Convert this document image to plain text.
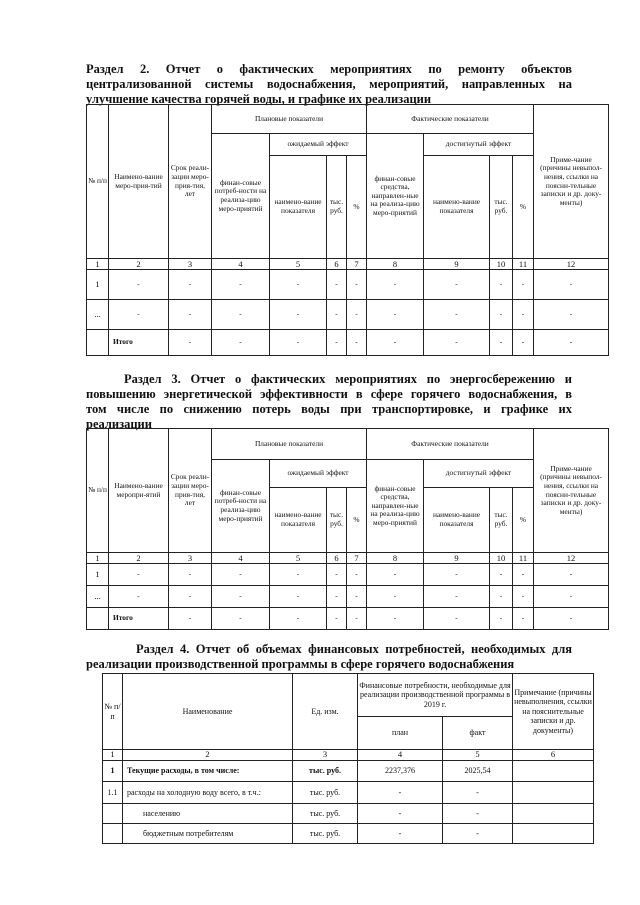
Раздел 2. Отчет о фактических мероприятиях по ремонту объектов
централизованной системы водоснабжения, мероприятий, направленных на
улучшение качества горячей воды, и графике их реализации
№ п/п	Наимено-вание меро-прия-тий	Срок реали-зации меро-прия-тия, лет	Плановые показатели				Фактические показатели				Приме-чание (причины невыпол-нения, ссылки на поясни-тельные записки и др. доку-менты)
			финан-совые потреб-ности на реализа-цию меро-приятий	ожидаемый эффект			финан-совые средства, направлен-ные на реализа-цию меро-приятий	достигнутый эффект			
				наимено-вание показателя	тыс. руб.	%		наимено-вание показателя	тыс. руб.	%	
1	2	3	4	5	6	7	8	9	10	11	12
1	-	-	-	-	-	-	-	-	-	-	-
...	-	-	-	-	-	-	-	-	-	-	-
	Итого	-	-	-	-	-	-	-	-	-	-
Раздел 3. Отчет о фактических мероприятиях по энергосбережению и
повышению энергетической эффективности в сфере горячего водоснабжения, в
том числе по снижению потерь воды при транспортировке, и графике их
реализации
№ п/п	Наимено-вание меропри-ятий	Срок реали-зации меро-прия-тия, лет	Плановые показатели				Фактические показатели				Приме-чание (причины невыпол-нения, ссылки на поясни-тельные записки и др. доку-менты)
			финан-совые потреб-ности на реализа-цию меро-приятий	ожидаемый эффект			финан-совые средства, направлен-ные на реализа-цию меро-приятий	достигнутый эффект			
				наимено-вание показателя	тыс. руб.	%		наимено-вание показателя	тыс. руб.	%	
1	2	3	4	5	6	7	8	9	10	11	12
1	-	-	-	-	-	-	-	-	-	-	-
...	-	-	-	-	-	-	-	-	-	-	-
	Итого	-	-	-	-	-	-	-	-	-	-
Раздел 4. Отчет об объемах финансовых потребностей, необходимых для
реализации производственной программы в сфере горячего водоснабжения
№ п/п	Наименование	Ед. изм.	Финансовые потребности, необходимые для реализации производственной программы в 2019 г.		Примечание (причины невыполнения, ссылки на пояснительные записки и др. документы)
			план	факт	
1	2	3	4	5	6
1	Текущие расходы, в том числе:	тыс. руб.	2237,376	2025,54	
1.1	расходы на холодную воду всего, в т.ч.:	тыс. руб.	-	-	
	населению	тыс. руб.	-	-	
	бюджетным потребителям	тыс. руб.	-	-	
